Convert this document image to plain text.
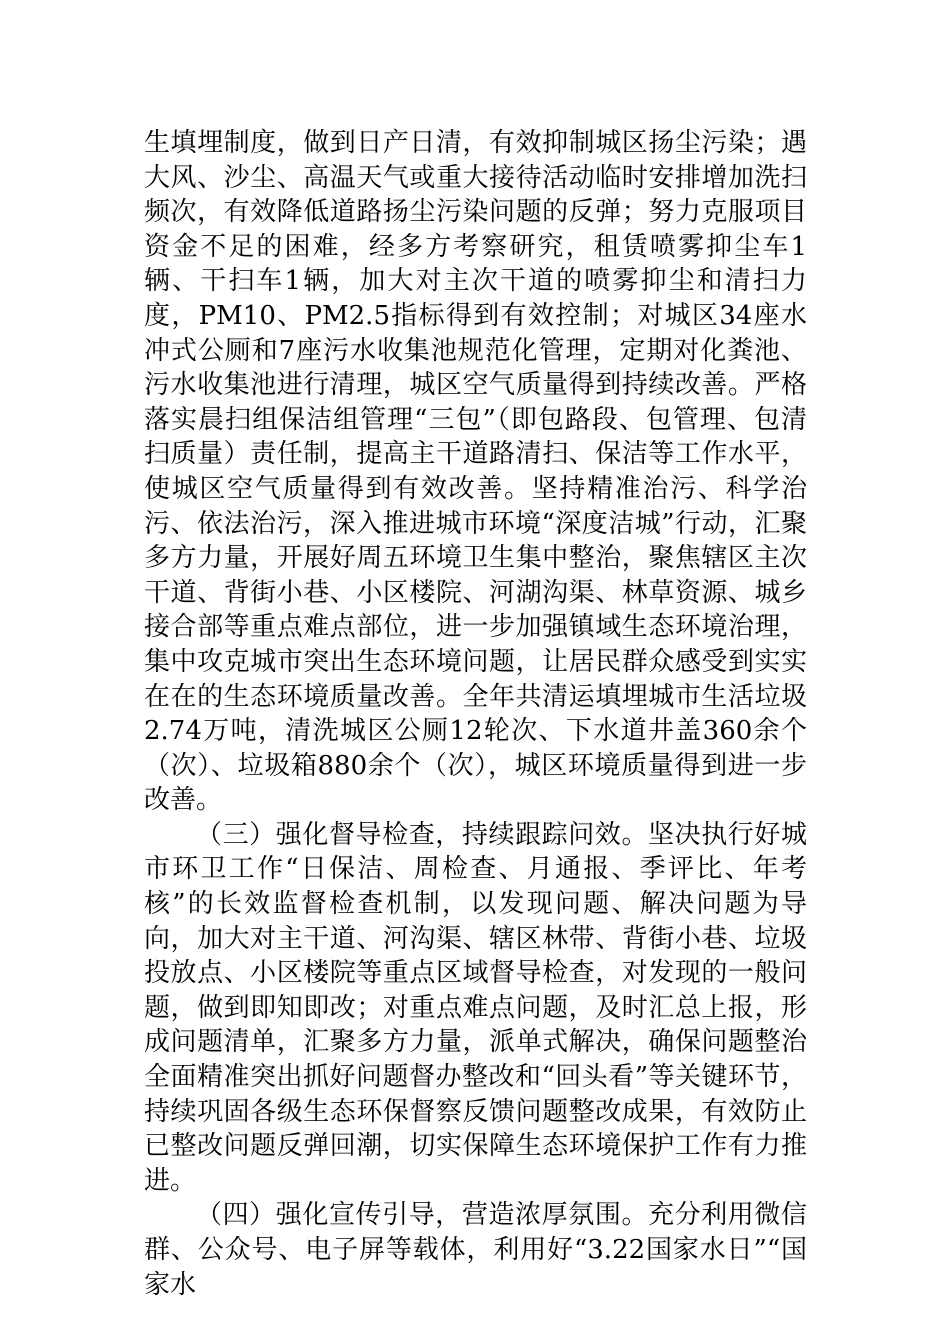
生填埋制度，做到日产日清，有效抑制城区扬尘污染；遇大风、沙尘、高温天气或重大接待活动临时安排增加洗扫频次，有效降低道路扬尘污染问题的反弹；努力克服项目资金不足的困难，经多方考察研究，租赁喷雾抑尘车1辆、干扫车1辆，加大对主次干道的喷雾抑尘和清扫力度，PM10、PM2.5指标得到有效控制；对城区34座水冲式公厕和7座污水收集池规范化管理，定期对化粪池、污水收集池进行清理，城区空气质量得到持续改善。严格落实晨扫组保洁组管理“三包”（即包路段、包管理、包清扫质量）责任制，提高主干道路清扫、保洁等工作水平，使城区空气质量得到有效改善。坚持精准治污、科学治污、依法治污，深入推进城市环境“深度洁城”行动，汇聚多方力量，开展好周五环境卫生集中整治，聚焦辖区主次干道、背街小巷、小区楼院、河湖沟渠、林草资源、城乡接合部等重点难点部位，进一步加强镇域生态环境治理，集中攻克城市突出生态环境问题，让居民群众感受到实实在在的生态环境质量改善。全年共清运填埋城市生活垃圾2.74万吨，清洗城区公厕12轮次、下水道井盖360余个（次）、垃圾箱880余个（次），城区环境质量得到进一步改善。

（三）强化督导检查，持续跟踪问效。坚决执行好城市环卫工作“日保洁、周检查、月通报、季评比、年考核”的长效监督检查机制，以发现问题、解决问题为导向，加大对主干道、河沟渠、辖区林带、背街小巷、垃圾投放点、小区楼院等重点区域督导检查，对发现的一般问题，做到即知即改；对重点难点问题，及时汇总上报，形成问题清单，汇聚多方力量，派单式解决，确保问题整治全面精准突出抓好问题督办整改和“回头看”等关键环节，持续巩固各级生态环保督察反馈问题整改成果，有效防止已整改问题反弹回潮，切实保障生态环境保护工作有力推进。

（四）强化宣传引导，营造浓厚氛围。充分利用微信群、公众号、电子屏等载体，利用好“3.22国家水日”“国家水
